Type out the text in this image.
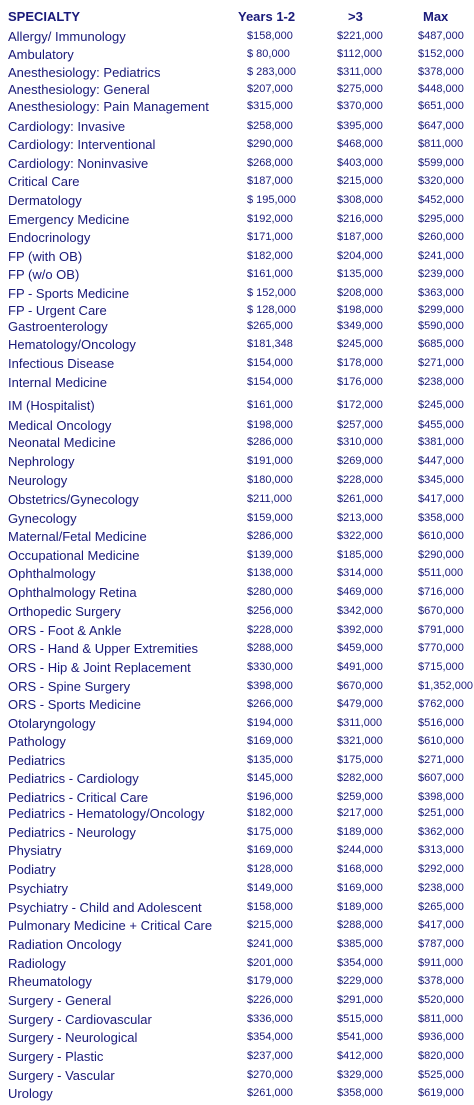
SPECIALTY	Years 1-2	>3	Max
Allergy/ Immunology	$158,000	$221,000	$487,000
Ambulatory	$ 80,000	$112,000	$152,000
Anesthesiology: Pediatrics	$ 283,000	$311,000	$378,000
Anesthesiology: General	$207,000	$275,000	$448,000
Anesthesiology: Pain Management	$315,000	$370,000	$651,000
Cardiology: Invasive	$258,000	$395,000	$647,000
Cardiology: Interventional	$290,000	$468,000	$811,000
Cardiology: Noninvasive	$268,000	$403,000	$599,000
Critical Care	$187,000	$215,000	$320,000
Dermatology	$ 195,000	$308,000	$452,000
Emergency Medicine	$192,000	$216,000	$295,000
Endocrinology	$171,000	$187,000	$260,000
FP (with OB)	$182,000	$204,000	$241,000
FP (w/o OB)	$161,000	$135,000	$239,000
FP - Sports Medicine	$ 152,000	$208,000	$363,000
FP - Urgent Care	$ 128,000	$198,000	$299,000
Gastroenterology	$265,000	$349,000	$590,000
Hematology/Oncology	$181,348	$245,000	$685,000
Infectious Disease	$154,000	$178,000	$271,000
Internal Medicine	$154,000	$176,000	$238,000
IM (Hospitalist)	$161,000	$172,000	$245,000
Medical Oncology	$198,000	$257,000	$455,000
Neonatal Medicine	$286,000	$310,000	$381,000
Nephrology	$191,000	$269,000	$447,000
Neurology	$180,000	$228,000	$345,000
Obstetrics/Gynecology	$211,000	$261,000	$417,000
Gynecology	$159,000	$213,000	$358,000
Maternal/Fetal Medicine	$286,000	$322,000	$610,000
Occupational Medicine	$139,000	$185,000	$290,000
Ophthalmology	$138,000	$314,000	$511,000
Ophthalmology Retina	$280,000	$469,000	$716,000
Orthopedic Surgery	$256,000	$342,000	$670,000
ORS - Foot & Ankle	$228,000	$392,000	$791,000
ORS - Hand & Upper Extremities	$288,000	$459,000	$770,000
ORS - Hip & Joint Replacement	$330,000	$491,000	$715,000
ORS - Spine Surgery	$398,000	$670,000	$1,352,000
ORS - Sports Medicine	$266,000	$479,000	$762,000
Otolaryngology	$194,000	$311,000	$516,000
Pathology	$169,000	$321,000	$610,000
Pediatrics	$135,000	$175,000	$271,000
Pediatrics - Cardiology	$145,000	$282,000	$607,000
Pediatrics - Critical Care	$196,000	$259,000	$398,000
Pediatrics - Hematology/Oncology	$182,000	$217,000	$251,000
Pediatrics - Neurology	$175,000	$189,000	$362,000
Physiatry	$169,000	$244,000	$313,000
Podiatry	$128,000	$168,000	$292,000
Psychiatry	$149,000	$169,000	$238,000
Psychiatry - Child and Adolescent	$158,000	$189,000	$265,000
Pulmonary Medicine + Critical Care	$215,000	$288,000	$417,000
Radiation Oncology	$241,000	$385,000	$787,000
Radiology	$201,000	$354,000	$911,000
Rheumatology	$179,000	$229,000	$378,000
Surgery - General	$226,000	$291,000	$520,000
Surgery - Cardiovascular	$336,000	$515,000	$811,000
Surgery - Neurological	$354,000	$541,000	$936,000
Surgery - Plastic	$237,000	$412,000	$820,000
Surgery - Vascular	$270,000	$329,000	$525,000
Urology	$261,000	$358,000	$619,000
